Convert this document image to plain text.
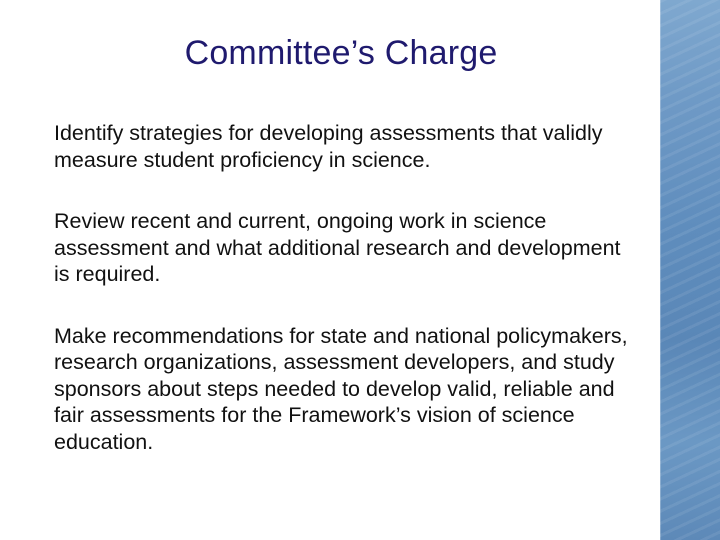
Committee’s Charge

Identify strategies for developing assessments that validly measure student proficiency in science.

Review recent and current, ongoing work in science assessment and what additional research and development is required.

Make recommendations for state and national policymakers, research organizations, assessment developers, and study sponsors about steps needed to develop valid, reliable and fair assessments for the Framework’s vision of science education.
